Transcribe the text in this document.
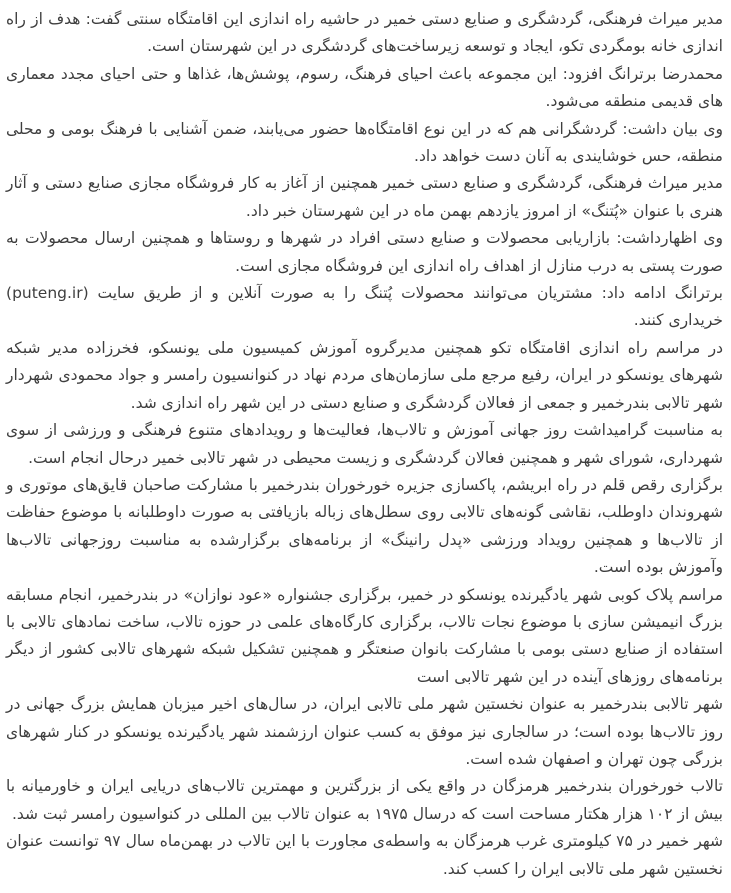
مدیر میراث فرهنگی، گردشگری و صنایع دستی خمیر در حاشیه راه اندازی این اقامتگاه سنتی گفت: هدف از راه اندازی خانه بومگردی تکو، ایجاد و توسعه زیرساخت‌های گردشگری در این شهرستان است.

محمدرضا برترانگ افزود: این مجموعه باعث احیای فرهنگ، رسوم، پوشش‌ها، غذاها و حتی احیای مجدد معماری های قدیمی منطقه می‌شود.

وی بیان داشت: گردشگرانی هم که در این نوع اقامتگاه‌ها حضور می‌یابند، ضمن آشنایی با فرهنگ بومی و محلی منطقه، حس خوشایندی به آنان دست خواهد داد.

مدیر میراث فرهنگی، گردشگری و صنایع دستی خمیر همچنین از آغاز به کار فروشگاه مجازی صنایع دستی و آثار هنری با عنوان «پُتنگ» از امروز یازدهم بهمن ماه در این شهرستان خبر داد.

وی اظهارداشت: بازاریابی محصولات و صنایع دستی افراد در شهرها و روستاها و همچنین ارسال محصولات به صورت پستی به درب منازل از اهداف راه اندازی این فروشگاه مجازی است.

برترانگ ادامه داد: مشتریان می‌توانند محصولات پُتنگ را به صورت آنلاین و از طریق سایت (puteng.ir) خریداری کنند.

در مراسم راه اندازی اقامتگاه تکو همچنین مدیرگروه آموزش کمیسیون ملی یونسکو، فخرزاده مدیر شبکه شهرهای یونسکو در ایران، رفیع مرجع ملی سازمان‌های مردم نهاد در کنوانسیون رامسر و جواد محمودی شهردار شهر تالابی بندرخمیر و جمعی از فعالان گردشگری و صنایع دستی در این شهر راه اندازی شد.

به مناسبت گرامیداشت روز جهانی آموزش و تالاب‌ها، فعالیت‌ها و رویدادهای متنوع فرهنگی و ورزشی از سوی شهرداری، شورای شهر و همچنین فعالان گردشگری و زیست محیطی در شهر تالابی خمیر درحال انجام است.

برگزاری رقص قلم در راه ابریشم، پاکسازی جزیره خورخوران بندرخمیر با مشارکت صاحبان قایق‌های موتوری و شهروندان داوطلب، نقاشی گونه‌های تالابی روی سطل‌های زباله بازیافتی به صورت داوطلبانه با موضوع حفاظت از تالاب‌ها و همچنین رویداد ورزشی «پدل رانینگ» از برنامه‌های برگزارشده به مناسبت روزجهانی تالاب‌ها وآموزش بوده است.

مراسم پلاک کوبی شهر یادگیرنده یونسکو در خمیر، برگزاری جشنواره «عود نوازان» در بندرخمیر، انجام مسابقه بزرگ انیمیشن سازی با موضوع نجات تالاب، برگزاری کارگاه‌های علمی در حوزه تالاب، ساخت نمادهای تالابی با استفاده از صنایع دستی بومی با مشارکت بانوان صنعتگر و همچنین تشکیل شبکه شهرهای تالابی کشور از دیگر برنامه‌های روزهای آینده در این شهر تالابی است

شهر تالابی بندرخمیر به عنوان نخستین شهر ملی تالابی ایران، در سال‌های اخیر میزبان همایش بزرگ جهانی در روز تالاب‌ها بوده است؛ در سالجاری نیز موفق به کسب عنوان ارزشمند شهر یادگیرنده یونسکو در کنار شهرهای بزرگی چون تهران و اصفهان شده است.

تالاب خورخوران بندرخمیر هرمزگان در واقع یکی از بزرگترین و مهمترین تالاب‌های دریایی ایران و خاورمیانه با بیش از ۱۰۲ هزار هکتار مساحت است که درسال ۱۹۷۵ به عنوان تالاب بین المللی در کنواسیون رامسر ثبت شد.

شهر خمیر در ۷۵ کیلومتری غرب هرمزگان به واسطه‌ی مجاورت با این تالاب در بهمن‌ماه سال ۹۷ توانست عنوان نخستین شهر ملی تالابی ایران را کسب کند.
